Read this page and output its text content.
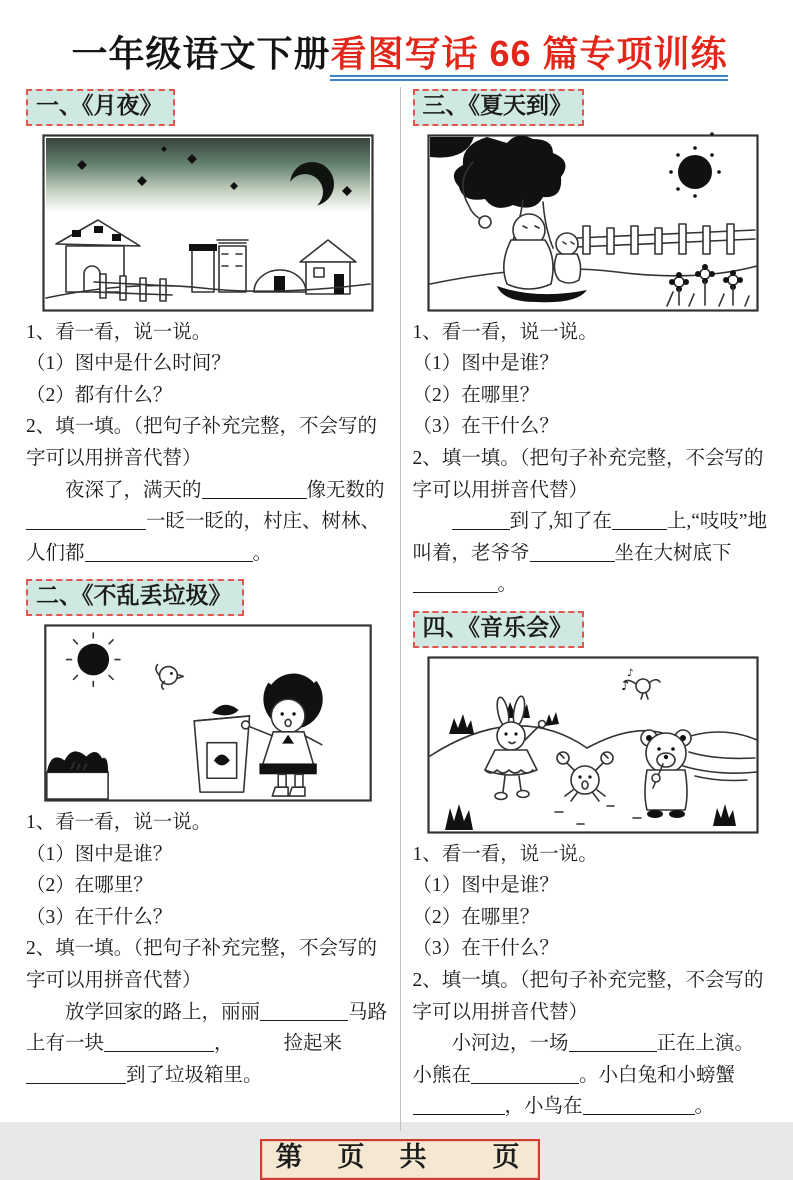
一年级语文下册看图写话 66 篇专项训练
一、《月夜》

1、看一看，说一说。

（1）图中是什么时间？

（2）都有什么？

2、填一填。（把句子补充完整，不会写的字可以用拼音代替）

夜深了，满天的	像无数的一眨一眨的，村庄、树林、人们都	。

二、《不乱丢垃圾》

1、看一看，说一说。

（1）图中是谁？

（2）在哪里？

（3）在干什么？

2、填一填。（把句子补充完整，不会写的字可以用拼音代替）

放学回家的路上，丽丽	马路上有一块	，	捡起来到了垃圾箱里。

三、《夏天到》

1、看一看，说一说。

（1）图中是谁？

（2）在哪里？

（3）在干什么？

2、填一填。（把句子补充完整，不会写的字可以用拼音代替）

到了,知了在	上,“吱吱”地叫着，老爷爷	坐在大树底下。

四、《音乐会》
♪
♪

1、看一看，说一说。

（1）图中是谁？

（2）在哪里？

（3）在干什么？

2、填一填。（把句子补充完整，不会写的字可以用拼音代替）

小河边，一场	正在上演。小熊在	。小白兔和小螃蟹，小鸟在	。

第　页　共　　页
